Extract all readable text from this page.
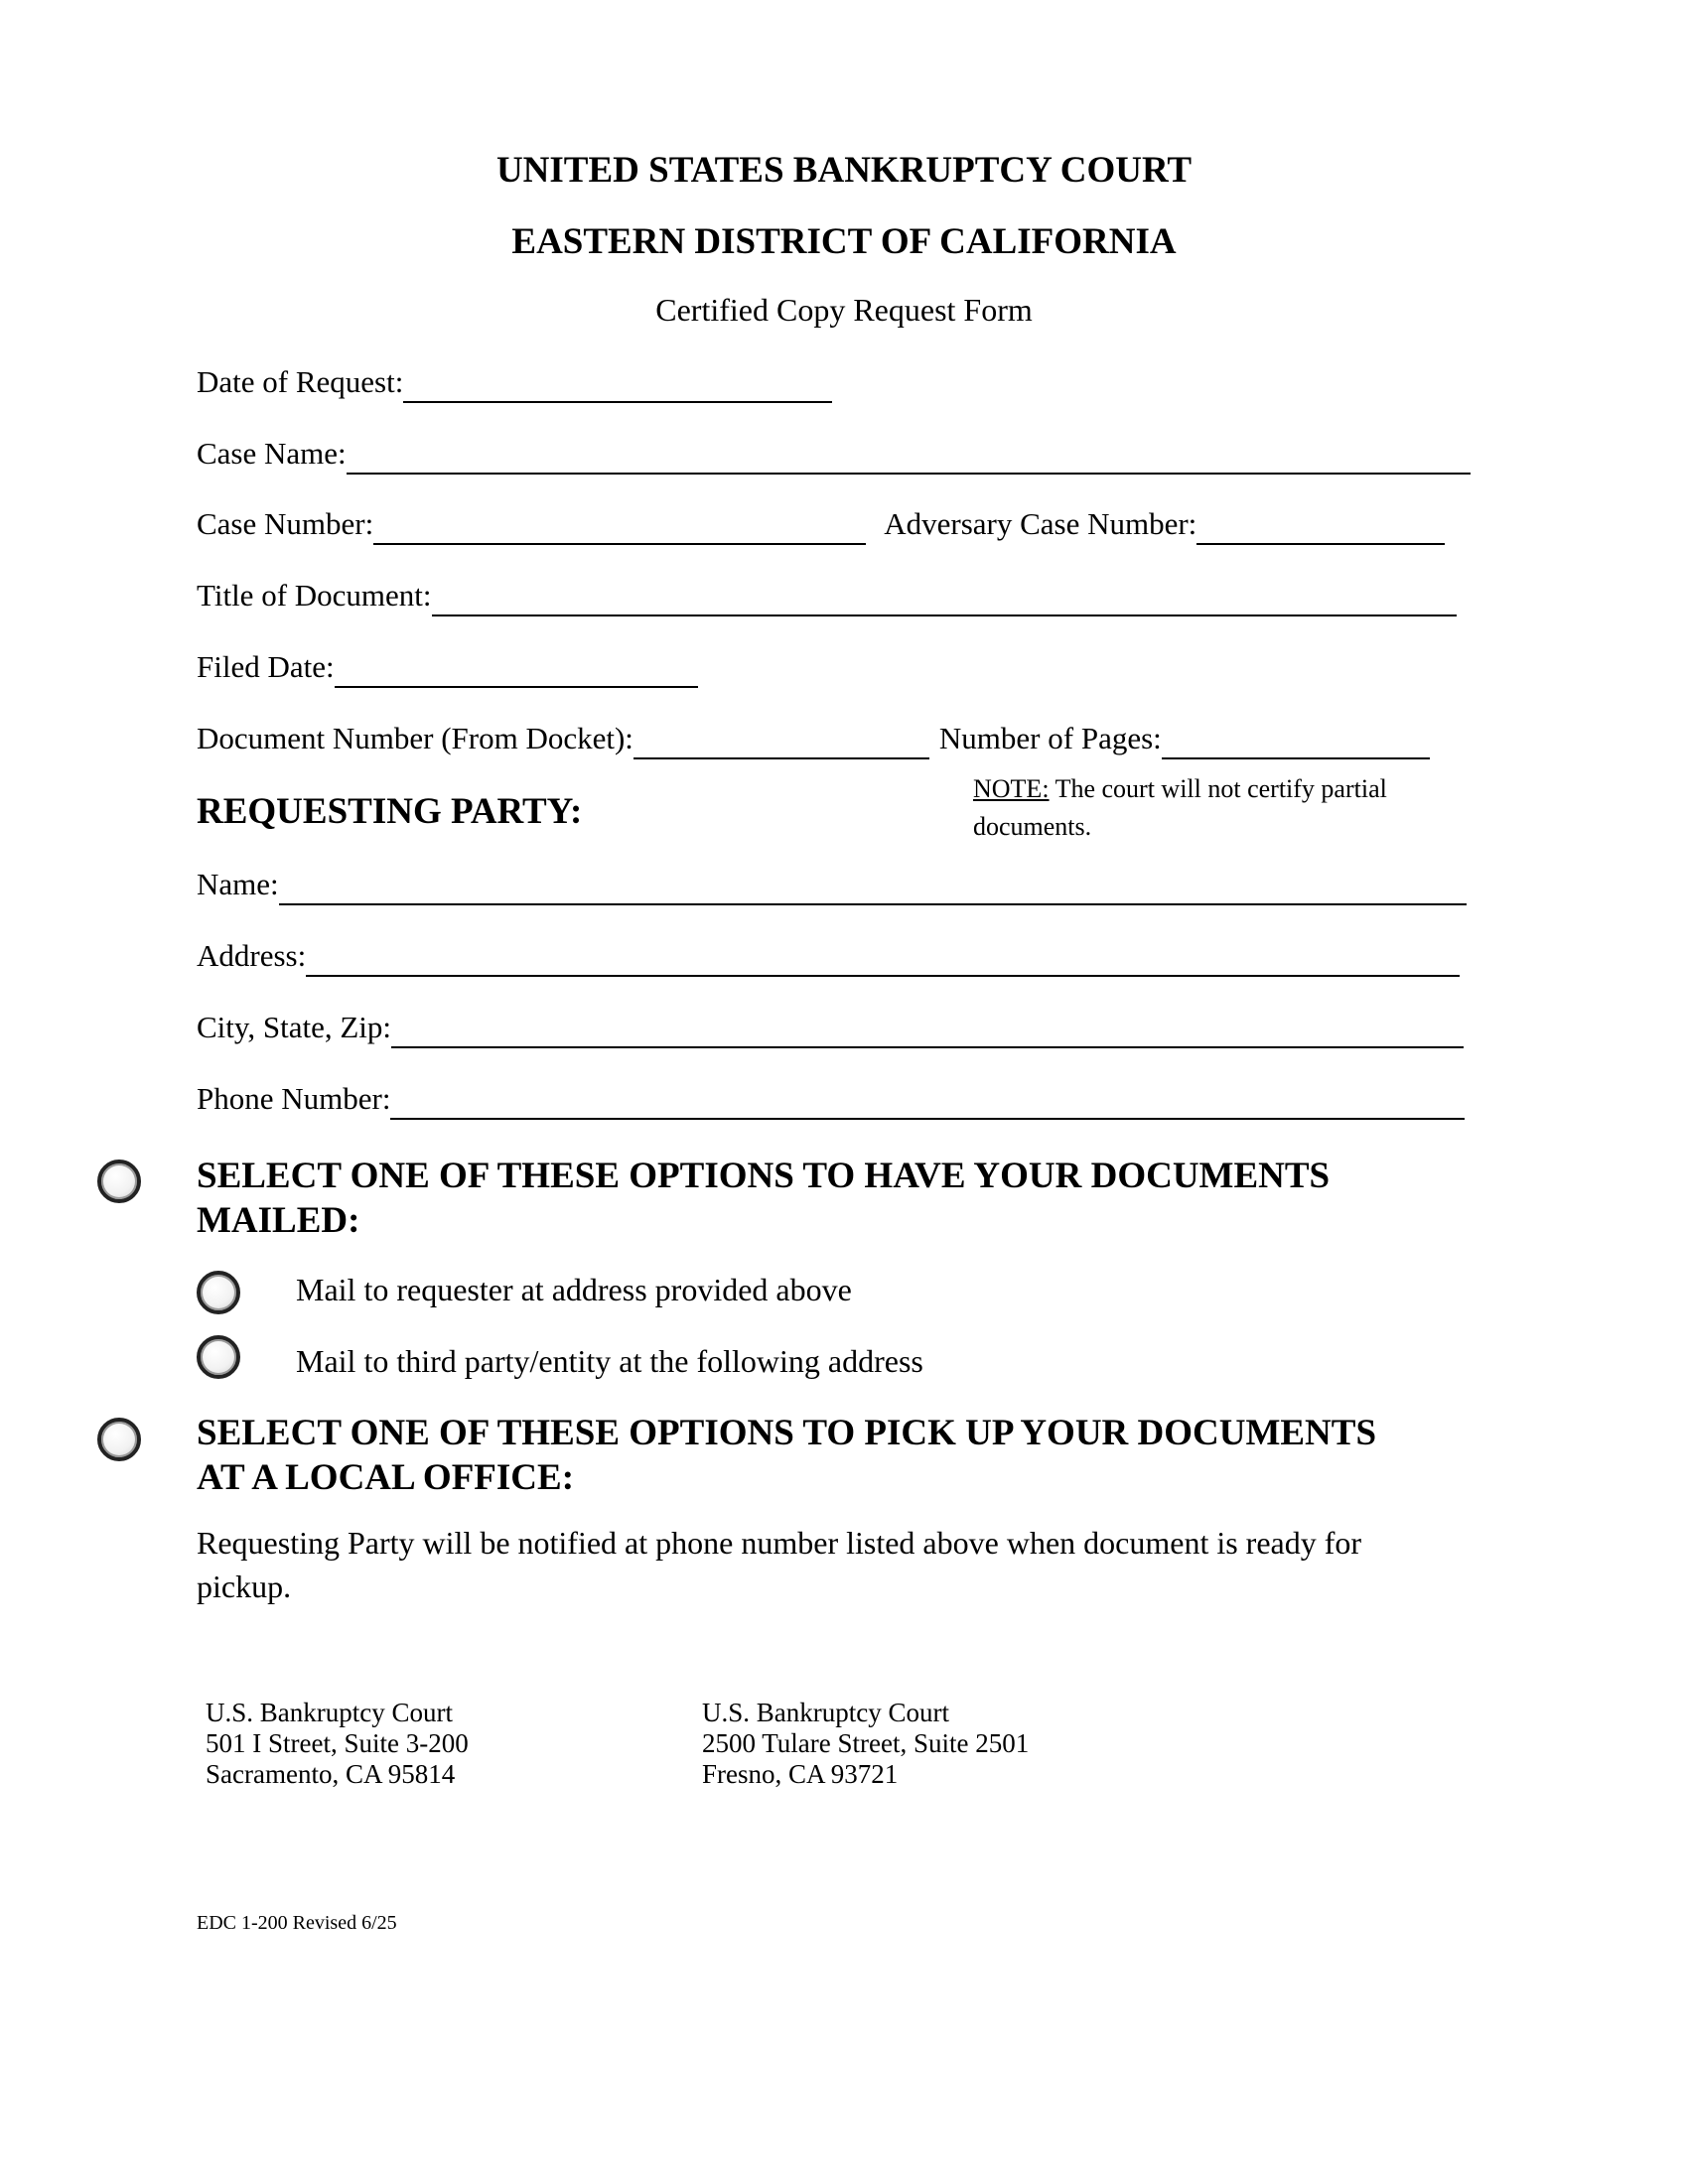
UNITED STATES BANKRUPTCY COURT
EASTERN DISTRICT OF CALIFORNIA
Certified Copy Request Form
Date of Request:
Case Name:
Case Number:	Adversary Case Number:
Title of Document:
Filed Date:
Document Number (From Docket):	Number of Pages:
REQUESTING PARTY:
NOTE: The court will not certify partial documents.
Name:
Address:
City, State, Zip:
Phone Number:
SELECT ONE OF THESE OPTIONS TO HAVE YOUR DOCUMENTS
MAILED:
Mail to requester at address provided above
Mail to third party/entity at the following address
SELECT ONE OF THESE OPTIONS TO PICK UP YOUR DOCUMENTS
AT A LOCAL OFFICE:
Requesting Party will be notified at phone number listed above when document is ready for
pickup.
U.S. Bankruptcy Court
501 I Street, Suite 3-200
Sacramento, CA 95814
U.S. Bankruptcy Court
2500 Tulare Street, Suite 2501
Fresno, CA 93721
EDC 1-200 Revised 6/25
